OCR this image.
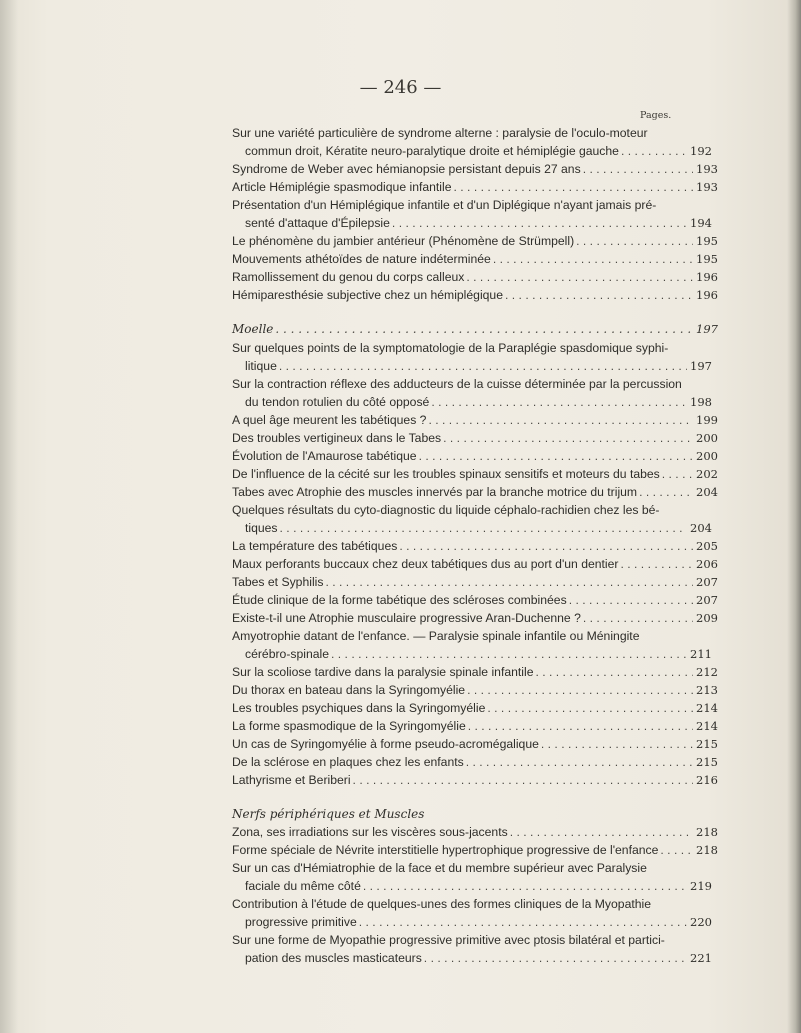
— 246 —
Pages.
Sur une variété particulière de syndrome alterne : paralysie de l'oculo-moteur
commun droit, Kératite neuro-paralytique droite et hémiplégie gauche	192
. . .
Syndrome de Weber avec hémianopsie persistant depuis 27 ans	193
. . .
Article Hémiplégie spasmodique infantile	193
. . .
Présentation d'un Hémiplégique infantile et d'un Diplégique n'ayant jamais pré-
senté d'attaque d'Épilepsie	194
. . .
Le phénomène du jambier antérieur (Phénomène de Strümpell)	195
. . .
Mouvements athétoïdes de nature indéterminée	195
. . .
Ramollissement du genou du corps calleux	196
. . .
Hémiparesthésie subjective chez un hémiplégique	196
. . .
Moelle	197
. . .
Sur quelques points de la symptomatologie de la Paraplégie spasdomique syphi-
litique	197
. . .
Sur la contraction réflexe des adducteurs de la cuisse déterminée par la percussion
du tendon rotulien du côté opposé	198
. . .
A quel âge meurent les tabétiques ?	199
. . .
Des troubles vertigineux dans le Tabes	200
. . .
Évolution de l'Amaurose tabétique	200
. . .
De l'influence de la cécité sur les troubles spinaux sensitifs et moteurs du tabes	202
. . .
Tabes avec Atrophie des muscles innervés par la branche motrice du trijum	204
. . .
Quelques résultats du cyto-diagnostic du liquide céphalo-rachidien chez les bé-
tiques	204
. . .
La température des tabétiques	205
. . .
Maux perforants buccaux chez deux tabétiques dus au port d'un dentier	206
. . .
Tabes et Syphilis	207
. . .
Étude clinique de la forme tabétique des scléroses combinées	207
. . .
Existe-t-il une Atrophie musculaire progressive Aran-Duchenne ?	209
. . .
Amyotrophie datant de l'enfance. — Paralysie spinale infantile ou Méningite
cérébro-spinale	211
. . .
Sur la scoliose tardive dans la paralysie spinale infantile	212
. . .
Du thorax en bateau dans la Syringomyélie	213
. . .
Les troubles psychiques dans la Syringomyélie	214
. . .
La forme spasmodique de la Syringomyélie	214
. . .
Un cas de Syringomyélie à forme pseudo-acromégalique	215
. . .
De la sclérose en plaques chez les enfants	215
. . .
Lathyrisme et Beriberi	216
. . .
Nerfs périphériques et Muscles
Zona, ses irradiations sur les viscères sous-jacents	218
. . .
Forme spéciale de Névrite interstitielle hypertrophique progressive de l'enfance	218
. . .
Sur un cas d'Hémiatrophie de la face et du membre supérieur avec Paralysie
faciale du même côté	219
. . .
Contribution à l'étude de quelques-unes des formes cliniques de la Myopathie
progressive primitive	220
. . .
Sur une forme de Myopathie progressive primitive avec ptosis bilatéral et partici-
pation des muscles masticateurs	221
. . .
